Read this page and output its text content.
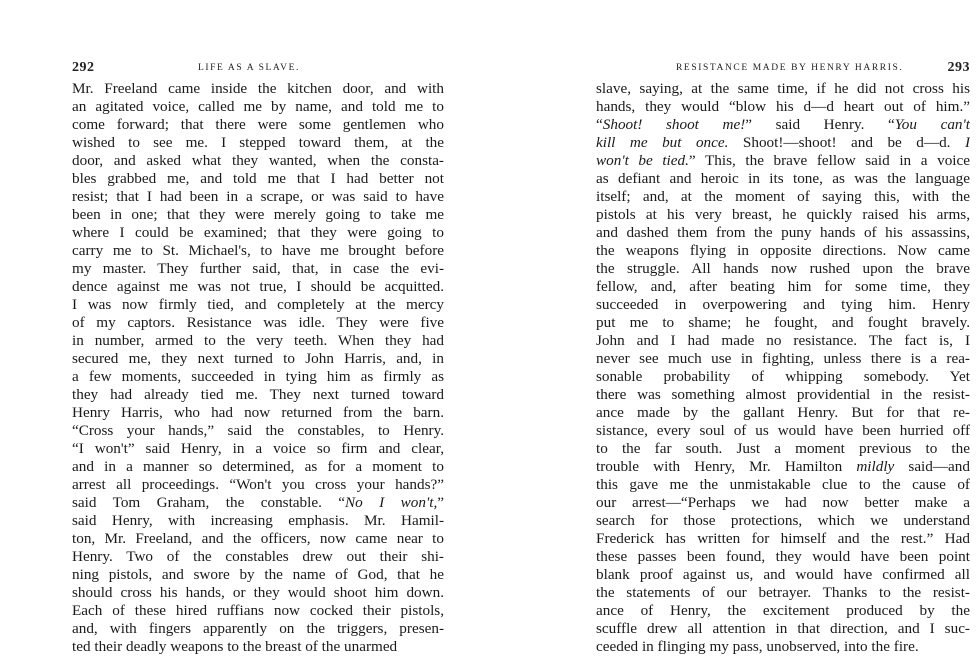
292	LIFE AS A SLAVE.
Mr. Freeland came inside the kitchen door, and with
an agitated voice, called me by name, and told me to
come forward; that there were some gentlemen who
wished to see me. I stepped toward them, at the
door, and asked what they wanted, when the consta-
bles grabbed me, and told me that I had better not
resist; that I had been in a scrape, or was said to have
been in one; that they were merely going to take me
where I could be examined; that they were going to
carry me to St. Michael's, to have me brought before
my master. They further said, that, in case the evi-
dence against me was not true, I should be acquitted.
I was now firmly tied, and completely at the mercy
of my captors. Resistance was idle. They were five
in number, armed to the very teeth. When they had
secured me, they next turned to John Harris, and, in
a few moments, succeeded in tying him as firmly as
they had already tied me. They next turned toward
Henry Harris, who had now returned from the barn.
“Cross your hands,” said the constables, to Henry.
“I won't” said Henry, in a voice so firm and clear,
and in a manner so determined, as for a moment to
arrest all proceedings. “Won't you cross your hands?”
said Tom Graham, the constable. “No I won't,”
said Henry, with increasing emphasis. Mr. Hamil-
ton, Mr. Freeland, and the officers, now came near to
Henry. Two of the constables drew out their shi-
ning pistols, and swore by the name of God, that he
should cross his hands, or they would shoot him down.
Each of these hired ruffians now cocked their pistols,
and, with fingers apparently on the triggers, presen-
ted their deadly weapons to the breast of the unarmed
RESISTANCE MADE BY HENRY HARRIS.	293
slave, saying, at the same time, if he did not cross his
hands, they would “blow his d—d heart out of him.”
“Shoot! shoot me!” said Henry. “You can't
kill me but once. Shoot!—shoot! and be d—d. I
won't be tied.” This, the brave fellow said in a voice
as defiant and heroic in its tone, as was the language
itself; and, at the moment of saying this, with the
pistols at his very breast, he quickly raised his arms,
and dashed them from the puny hands of his assassins,
the weapons flying in opposite directions. Now came
the struggle. All hands now rushed upon the brave
fellow, and, after beating him for some time, they
succeeded in overpowering and tying him. Henry
put me to shame; he fought, and fought bravely.
John and I had made no resistance. The fact is, I
never see much use in fighting, unless there is a rea-
sonable probability of whipping somebody. Yet
there was something almost providential in the resist-
ance made by the gallant Henry. But for that re-
sistance, every soul of us would have been hurried off
to the far south. Just a moment previous to the
trouble with Henry, Mr. Hamilton mildly said—and
this gave me the unmistakable clue to the cause of
our arrest—“Perhaps we had now better make a
search for those protections, which we understand
Frederick has written for himself and the rest.” Had
these passes been found, they would have been point
blank proof against us, and would have confirmed all
the statements of our betrayer. Thanks to the resist-
ance of Henry, the excitement produced by the
scuffle drew all attention in that direction, and I suc-
ceeded in flinging my pass, unobserved, into the fire.
